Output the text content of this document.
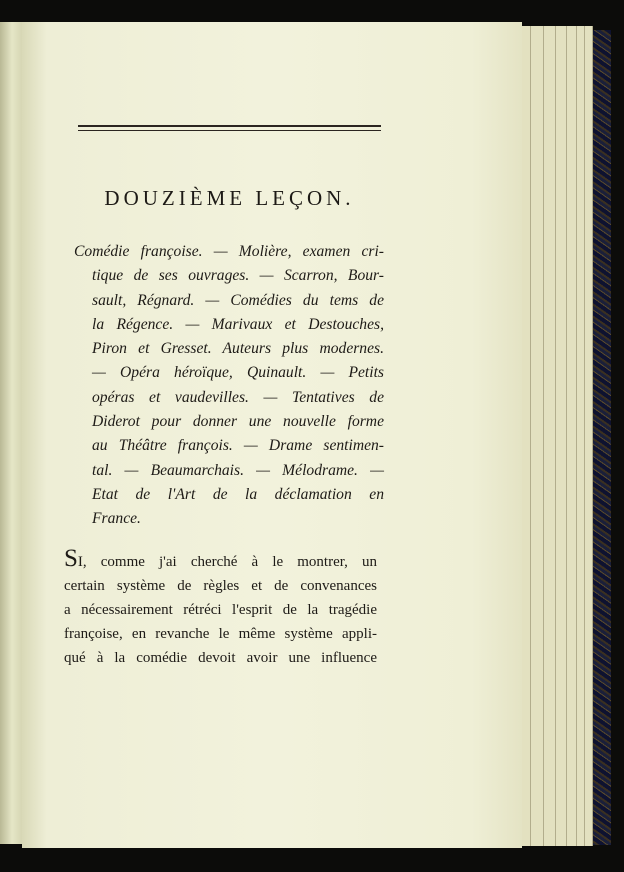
DOUZIÈME LEÇON.
Comédie françoise. — Molière, examen cri-
tique de ses ouvrages. — Scarron, Bour-
sault, Régnard. — Comédies du tems de
la Régence. — Marivaux et Destouches,
Piron et Gresset. Auteurs plus modernes.
— Opéra héroïque, Quinault. — Petits
opéras et vaudevilles. — Tentatives de
Diderot pour donner une nouvelle forme
au Théâtre françois. — Drame sentimen-
tal. — Beaumarchais. — Mélodrame. —
Etat de l'Art de la déclamation en
France.
SI, comme j'ai cherché à le montrer, un
certain système de règles et de convenances
a nécessairement rétréci l'esprit de la tragédie
françoise, en revanche le même système appli-
qué à la comédie devoit avoir une influence
